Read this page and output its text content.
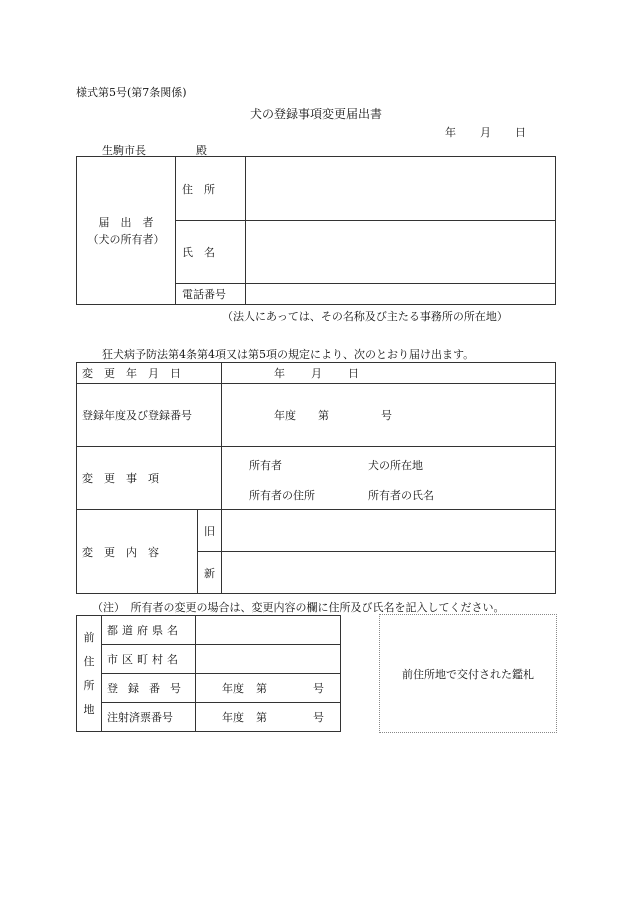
様式第5号(第7条関係)
犬の登録事項変更届出書
年 月 日
生駒市長	殿
届　出　者
（犬の所有者）	住　所	
	氏　名	
	電話番号	
（法人にあっては、その名称及び主たる事務所の所在地）
狂犬病予防法第4条第4項又は第5項の規定により、次のとおり届け出ます。
変　更　年　月　日		年 月 日
登録年度及び登録番号		年度 第 号
変　更　事　項		所有者 犬の所在地
所有者の住所 所有者の氏名

変　更　内　容	旧	
	新	
（注）　所有者の変更の場合は、変更内容の欄に住所及び氏名を記入してください。
前
住
所
地	都道府県名	
	市区町村名	
	登録番号	年度 第 号
	注射済票番号	年度 第 号
前住所地で交付された鑑札
